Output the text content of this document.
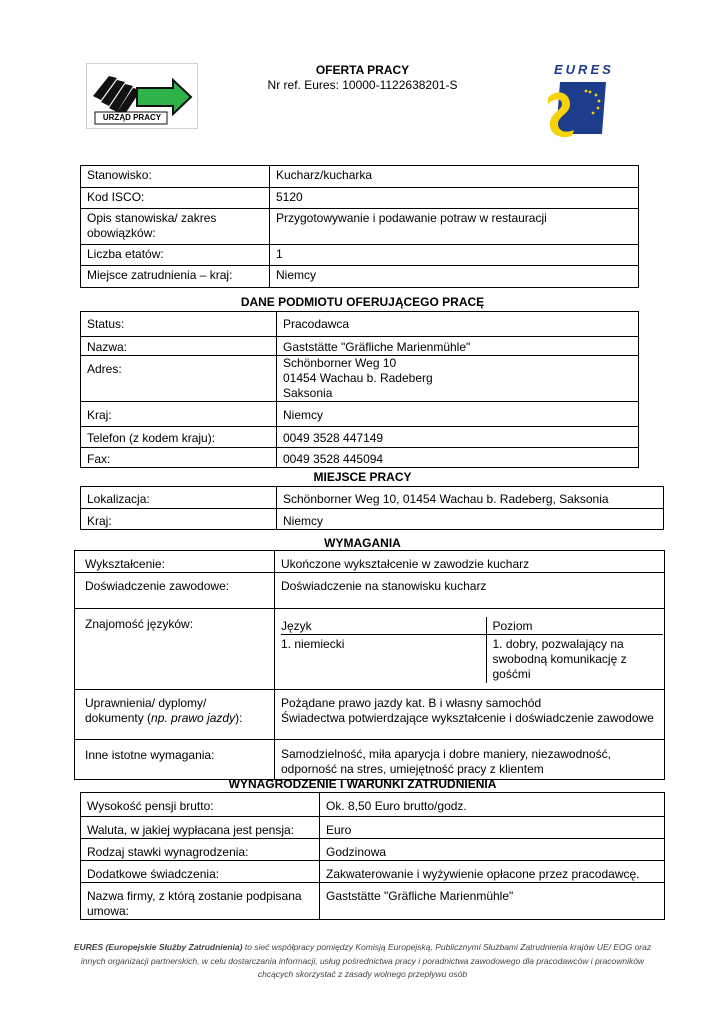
URZĄD PRACY
OFERTA PRACY
Nr ref. Eures: 10000-1122638201-S
EURES
Stanowisko:	Kucharz/kucharka
Kod ISCO:	5120
Opis stanowiska/ zakres obowiązków:	Przygotowywanie i podawanie potraw w restauracji
Liczba etatów:	1
Miejsce zatrudnienia – kraj:	Niemcy
DANE PODMIOTU OFERUJĄCEGO PRACĘ
Status:	Pracodawca
Nazwa:	Gaststätte "Gräfliche Marienmühle"
Adres:	Schönborner Weg 10
01454 Wachau b. Radeberg
Saksonia
Kraj:	Niemcy
Telefon (z kodem kraju):	0049 3528 447149
Fax:	0049 3528 445094
MIEJSCE PRACY
Lokalizacja:	Schönborner Weg 10, 01454 Wachau b. Radeberg, Saksonia
Kraj:	Niemcy
WYMAGANIA
Wykształcenie:	Ukończone wykształcenie w zawodzie kucharz
Doświadczenie zawodowe:	Doświadczenie na stanowisku kucharz
Znajomość języków:		Język	Poziom
1. niemiecki	1. dobry, pozwalający na swobodną komunikację z gośćmi

Uprawnienia/ dyplomy/ dokumenty (np. prawo jazdy):	Pożądane prawo jazdy kat. B i własny samochód
Świadectwa potwierdzające wykształcenie i doświadczenie zawodowe
Inne istotne wymagania:	Samodzielność, miła aparycja i dobre maniery, niezawodność, odporność na stres, umiejętność pracy z klientem
WYNAGRODZENIE I WARUNKI ZATRUDNIENIA
Wysokość pensji brutto:	Ok. 8,50 Euro brutto/godz.
Waluta, w jakiej wypłacana jest pensja:	Euro
Rodzaj stawki wynagrodzenia:	Godzinowa
Dodatkowe świadczenia:	Zakwaterowanie i wyżywienie opłacone przez pracodawcę.
Nazwa firmy, z którą zostanie podpisana umowa:	Gaststätte "Gräfliche Marienmühle"
EURES (Europejskie Służby Zatrudnienia) to sieć współpracy pomiędzy Komisją Europejską, Publicznymi Służbami Zatrudnienia krajów UE/ EOG oraz innych organizacji partnerskich, w celu dostarczania informacji, usług pośrednictwa pracy i poradnictwa zawodowego dla pracodawców i pracowników chcących skorzystać z zasady wolnego przepływu osób
